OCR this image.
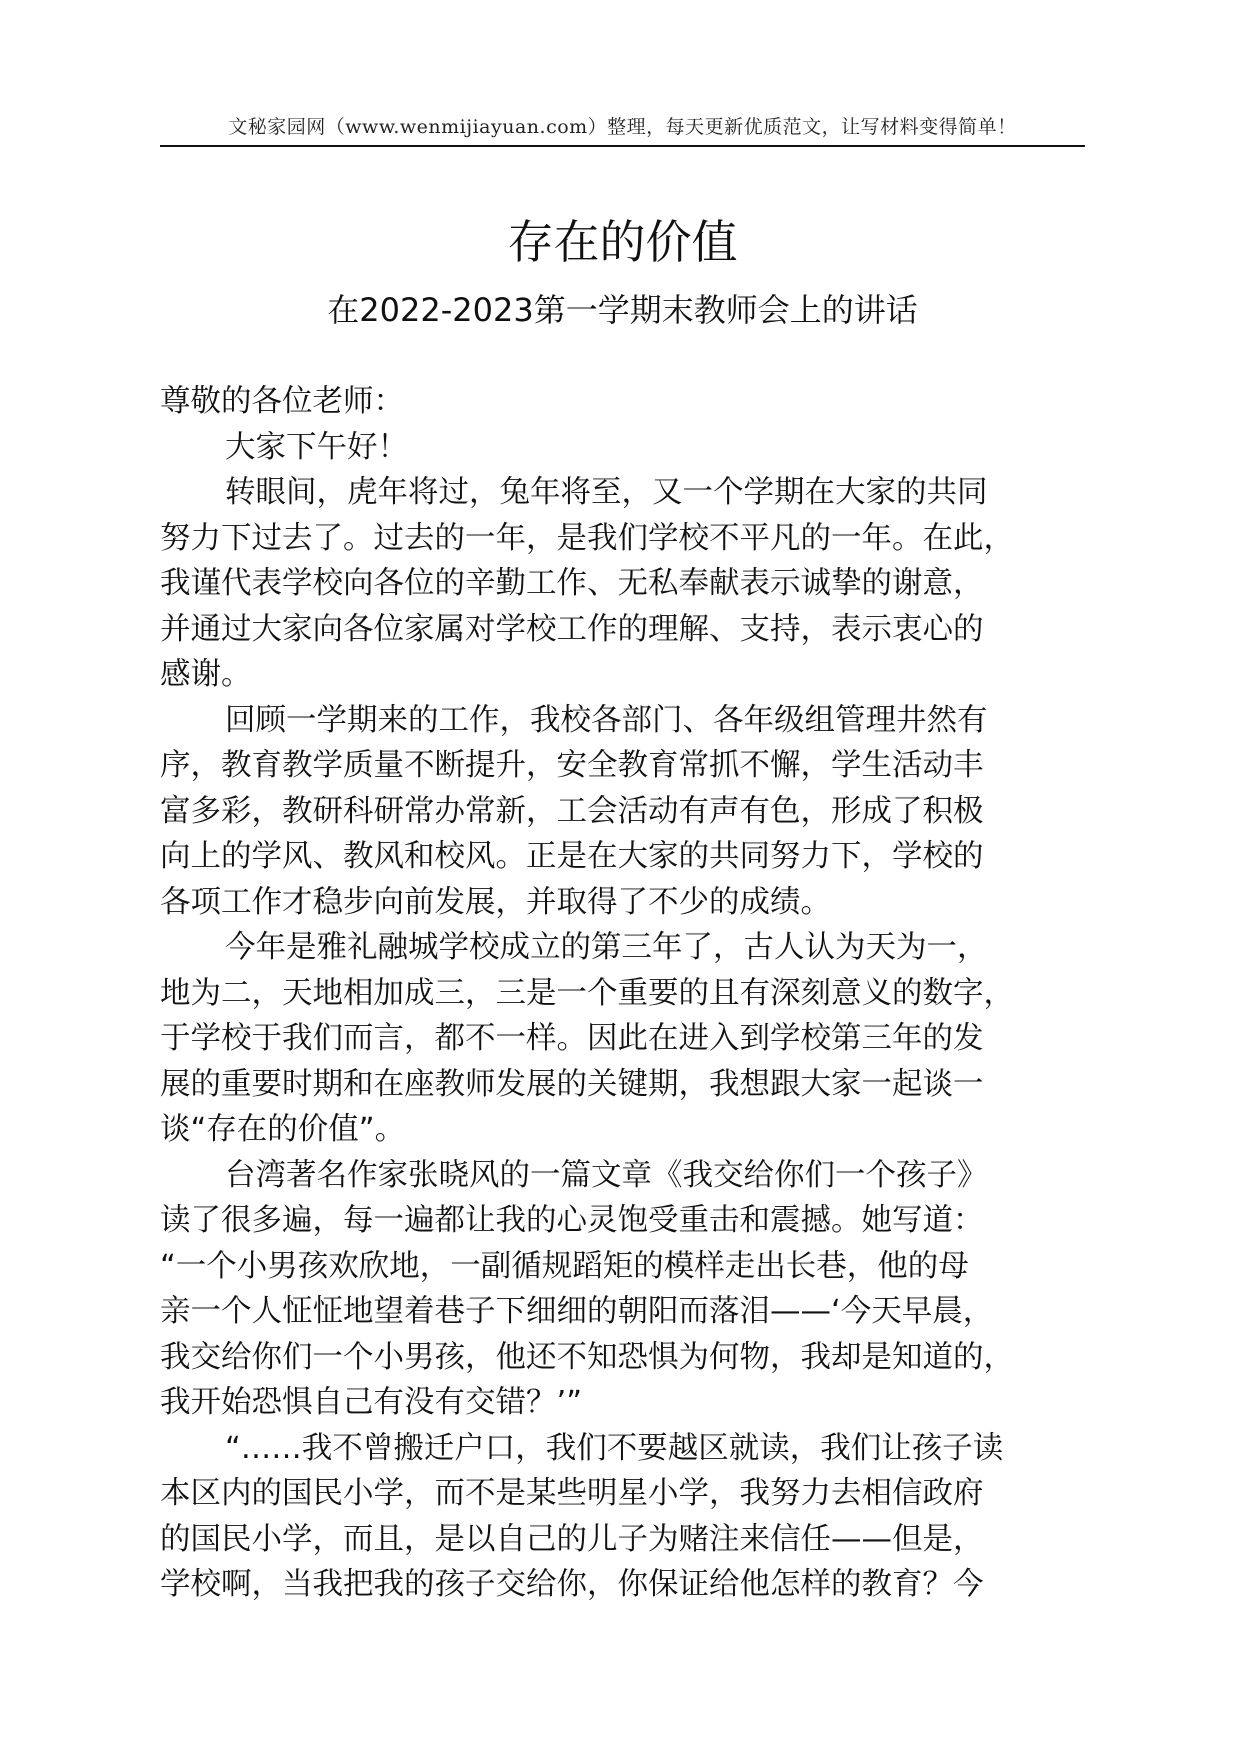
文秘家园网（www.wenmijiayuan.com）整理，每天更新优质范文，让写材料变得简单！
存在的价值
在2022-2023第一学期末教师会上的讲话
尊敬的各位老师：
大家下午好！
转眼间，虎年将过，兔年将至，又一个学期在大家的共同
努力下过去了。过去的一年，是我们学校不平凡的一年。在此，
我谨代表学校向各位的辛勤工作、无私奉献表示诚挚的谢意，
并通过大家向各位家属对学校工作的理解、支持，表示衷心的
感谢。
回顾一学期来的工作，我校各部门、各年级组管理井然有
序，教育教学质量不断提升，安全教育常抓不懈，学生活动丰
富多彩，教研科研常办常新，工会活动有声有色，形成了积极
向上的学风、教风和校风。正是在大家的共同努力下，学校的
各项工作才稳步向前发展，并取得了不少的成绩。
今年是雅礼融城学校成立的第三年了，古人认为天为一，
地为二，天地相加成三，三是一个重要的且有深刻意义的数字，
于学校于我们而言，都不一样。因此在进入到学校第三年的发
展的重要时期和在座教师发展的关键期，我想跟大家一起谈一
谈“存在的价值”。
台湾著名作家张晓风的一篇文章《我交给你们一个孩子》
读了很多遍，每一遍都让我的心灵饱受重击和震撼。她写道：
“一个小男孩欢欣地，一副循规蹈矩的模样走出长巷，他的母
亲一个人怔怔地望着巷子下细细的朝阳而落泪——‘今天早晨，
我交给你们一个小男孩，他还不知恐惧为何物，我却是知道的，
我开始恐惧自己有没有交错？’”
“……我不曾搬迁户口，我们不要越区就读，我们让孩子读
本区内的国民小学，而不是某些明星小学，我努力去相信政府
的国民小学，而且，是以自己的儿子为赌注来信任——但是，
学校啊，当我把我的孩子交给你，你保证给他怎样的教育？今
